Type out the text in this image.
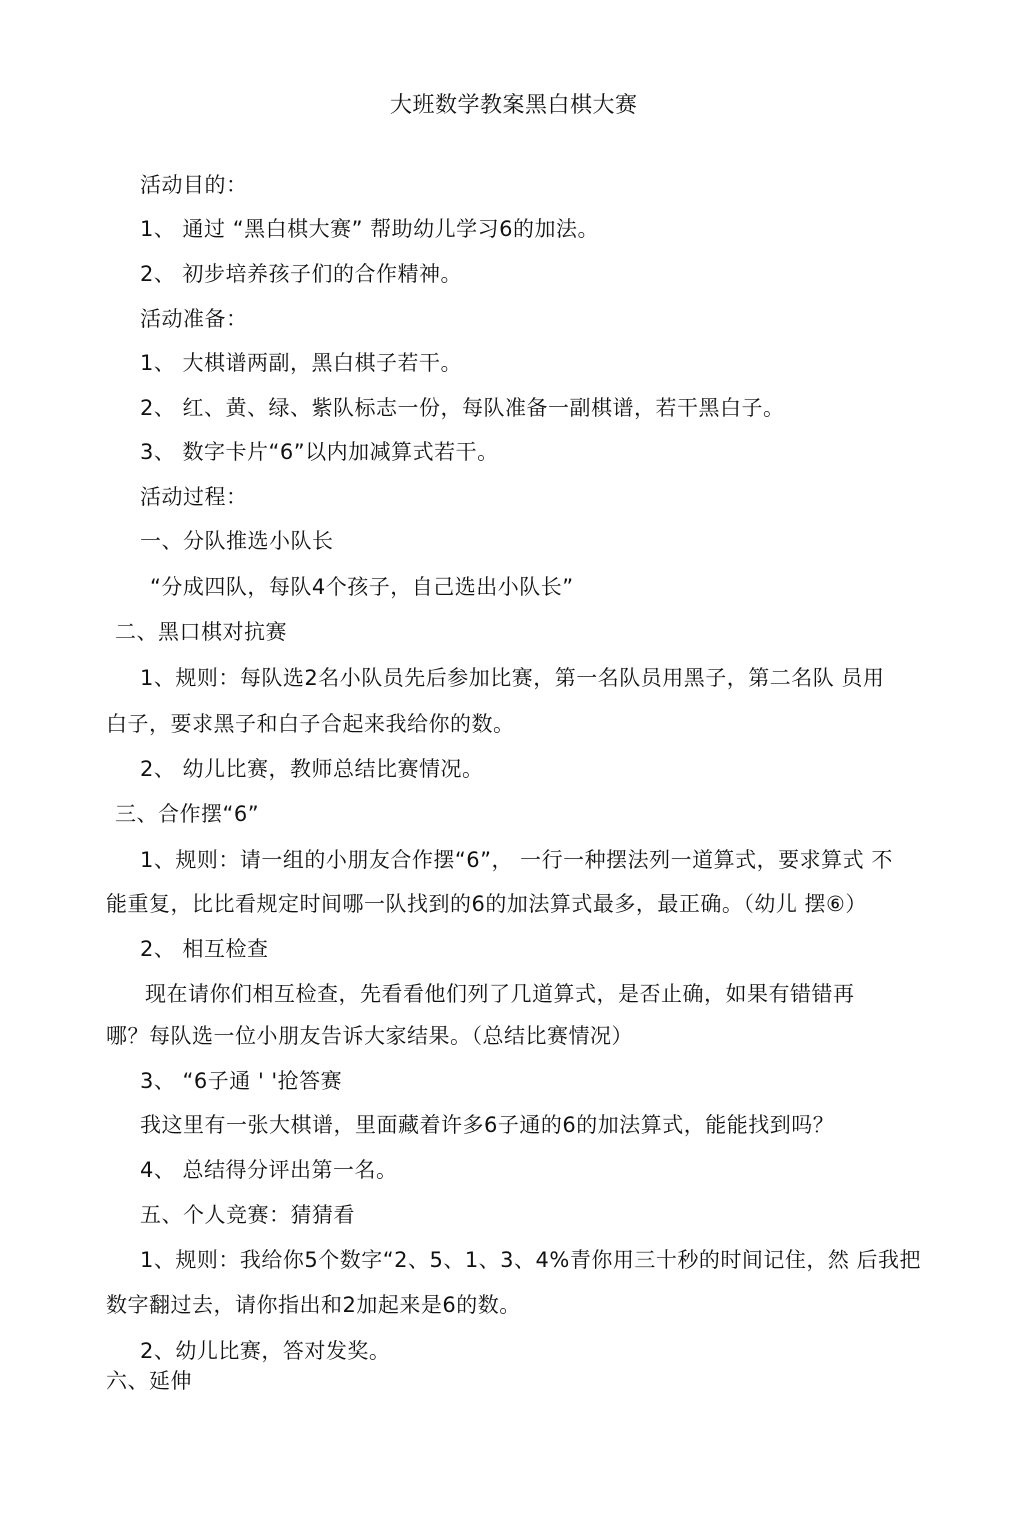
大班数学教案黑白棋大赛
活动目的：
1、 通过 “黑白棋大赛” 帮助幼儿学习6的加法。
2、 初步培养孩子们的合作精神。
活动准备：
1、 大棋谱两副，黑白棋子若干。
2、 红、黄、绿、紫队标志一份，每队准备一副棋谱，若干黑白子。
3、 数字卡片“6”以内加减算式若干。
活动过程：
一、分队推选小队长
“分成四队，每队4个孩子，自己选出小队长”
二、黑口棋对抗赛
1、规则：每队选2名小队员先后参加比赛，第一名队员用黑子，第二名队 员用
白子，要求黑子和白子合起来我给你的数。
2、 幼儿比赛，教师总结比赛情况。
三、合作摆“6”
1、规则：请一组的小朋友合作摆“6”， 一行一种摆法列一道算式，要求算式 不
能重复，比比看规定时间哪一队找到的6的加法算式最多，最正确。（幼儿 摆⑥）
2、 相互检查
现在请你们相互检查，先看看他们列了几道算式，是否止确，如果有错错再
哪？每队选一位小朋友告诉大家结果。（总结比赛情况）
3、 “6子通 ' '抢答赛
我这里有一张大棋谱，里面藏着许多6子通的6的加法算式，能能找到吗？
4、 总结得分评出第一名。
五、个人竞赛：猜猜看
1、规则：我给你5个数字“2、5、1、3、4%青你用三十秒的时间记住，然 后我把
数字翻过去，请你指出和2加起来是6的数。
2、幼儿比赛，答对发奖。
六、延伸
